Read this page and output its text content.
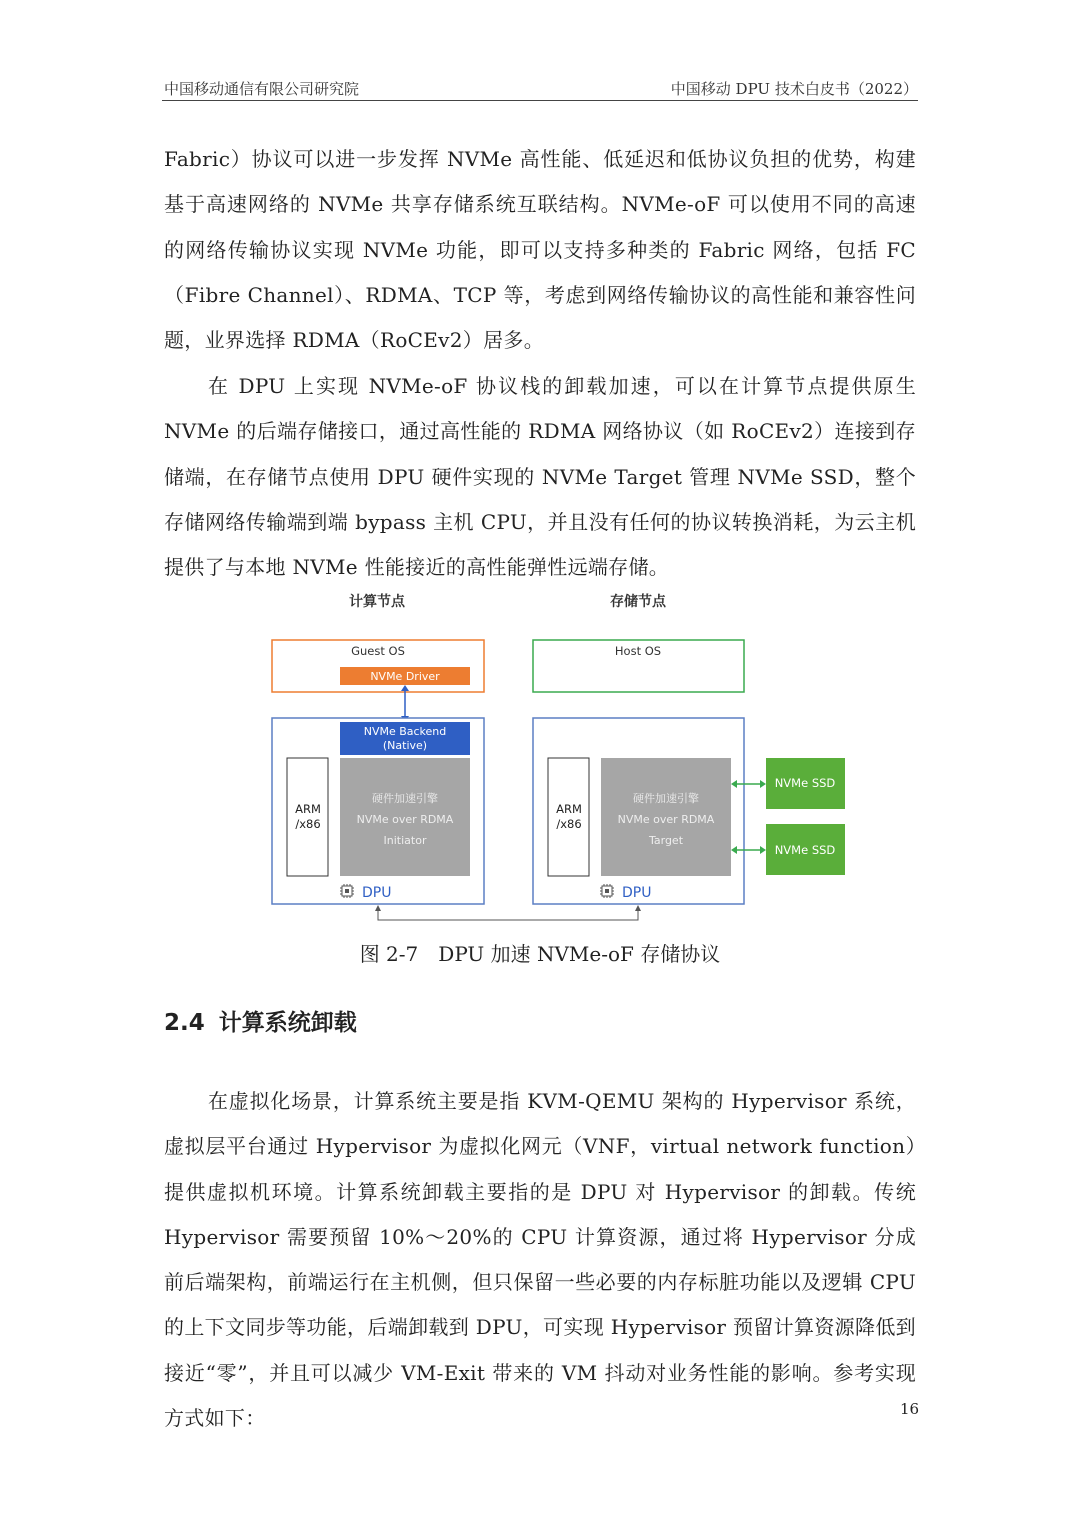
中国移动通信有限公司研究院	中国移动 DPU 技术白皮书（2022）

Fabric）协议可以进一步发挥 NVMe 高性能、低延迟和低协议负担的优势，构建基于高速网络的 NVMe 共享存储系统互联结构。NVMe-oF 可以使用不同的高速的网络传输协议实现 NVMe 功能，即可以支持多种类的 Fabric 网络，包括 FC（Fibre Channel）、RDMA、TCP 等，考虑到网络传输协议的高性能和兼容性问题，业界选择 RDMA（RoCEv2）居多。

在 DPU 上实现 NVMe-oF 协议栈的卸载加速，可以在计算节点提供原生 NVMe 的后端存储接口，通过高性能的 RDMA 网络协议（如 RoCEv2）连接到存储端，在存储节点使用 DPU 硬件实现的 NVMe Target 管理 NVMe SSD，整个存储网络传输端到端 bypass 主机 CPU，并且没有任何的协议转换消耗，为云主机提供了与本地 NVMe 性能接近的高性能弹性远端存储。

计算节点	存储节点
Guest OS
NVMe Driver
Host OS
NVMe Backend
(Native)
ARM
/x86
硬件加速引擎
NVMe over RDMA
Initiator
DPU
ARM
/x86
硬件加速引擎
NVMe over RDMA
Target
DPU
NVMe SSD
NVMe SSD
图 2-7 DPU 加速 NVMe-oF 存储协议
2.4 计算系统卸载

在虚拟化场景，计算系统主要是指 KVM-QEMU 架构的 Hypervisor 系统，虚拟层平台通过 Hypervisor 为虚拟化网元（VNF，virtual network function）提供虚拟机环境。计算系统卸载主要指的是 DPU 对 Hypervisor 的卸载。传统 Hypervisor 需要预留 10%～20%的 CPU 计算资源，通过将 Hypervisor 分成前后端架构，前端运行在主机侧，但只保留一些必要的内存标脏功能以及逻辑 CPU 的上下文同步等功能，后端卸载到 DPU，可实现 Hypervisor 预留计算资源降低到接近“零”，并且可以减少 VM-Exit 带来的 VM 抖动对业务性能的影响。参考实现方式如下：	16
